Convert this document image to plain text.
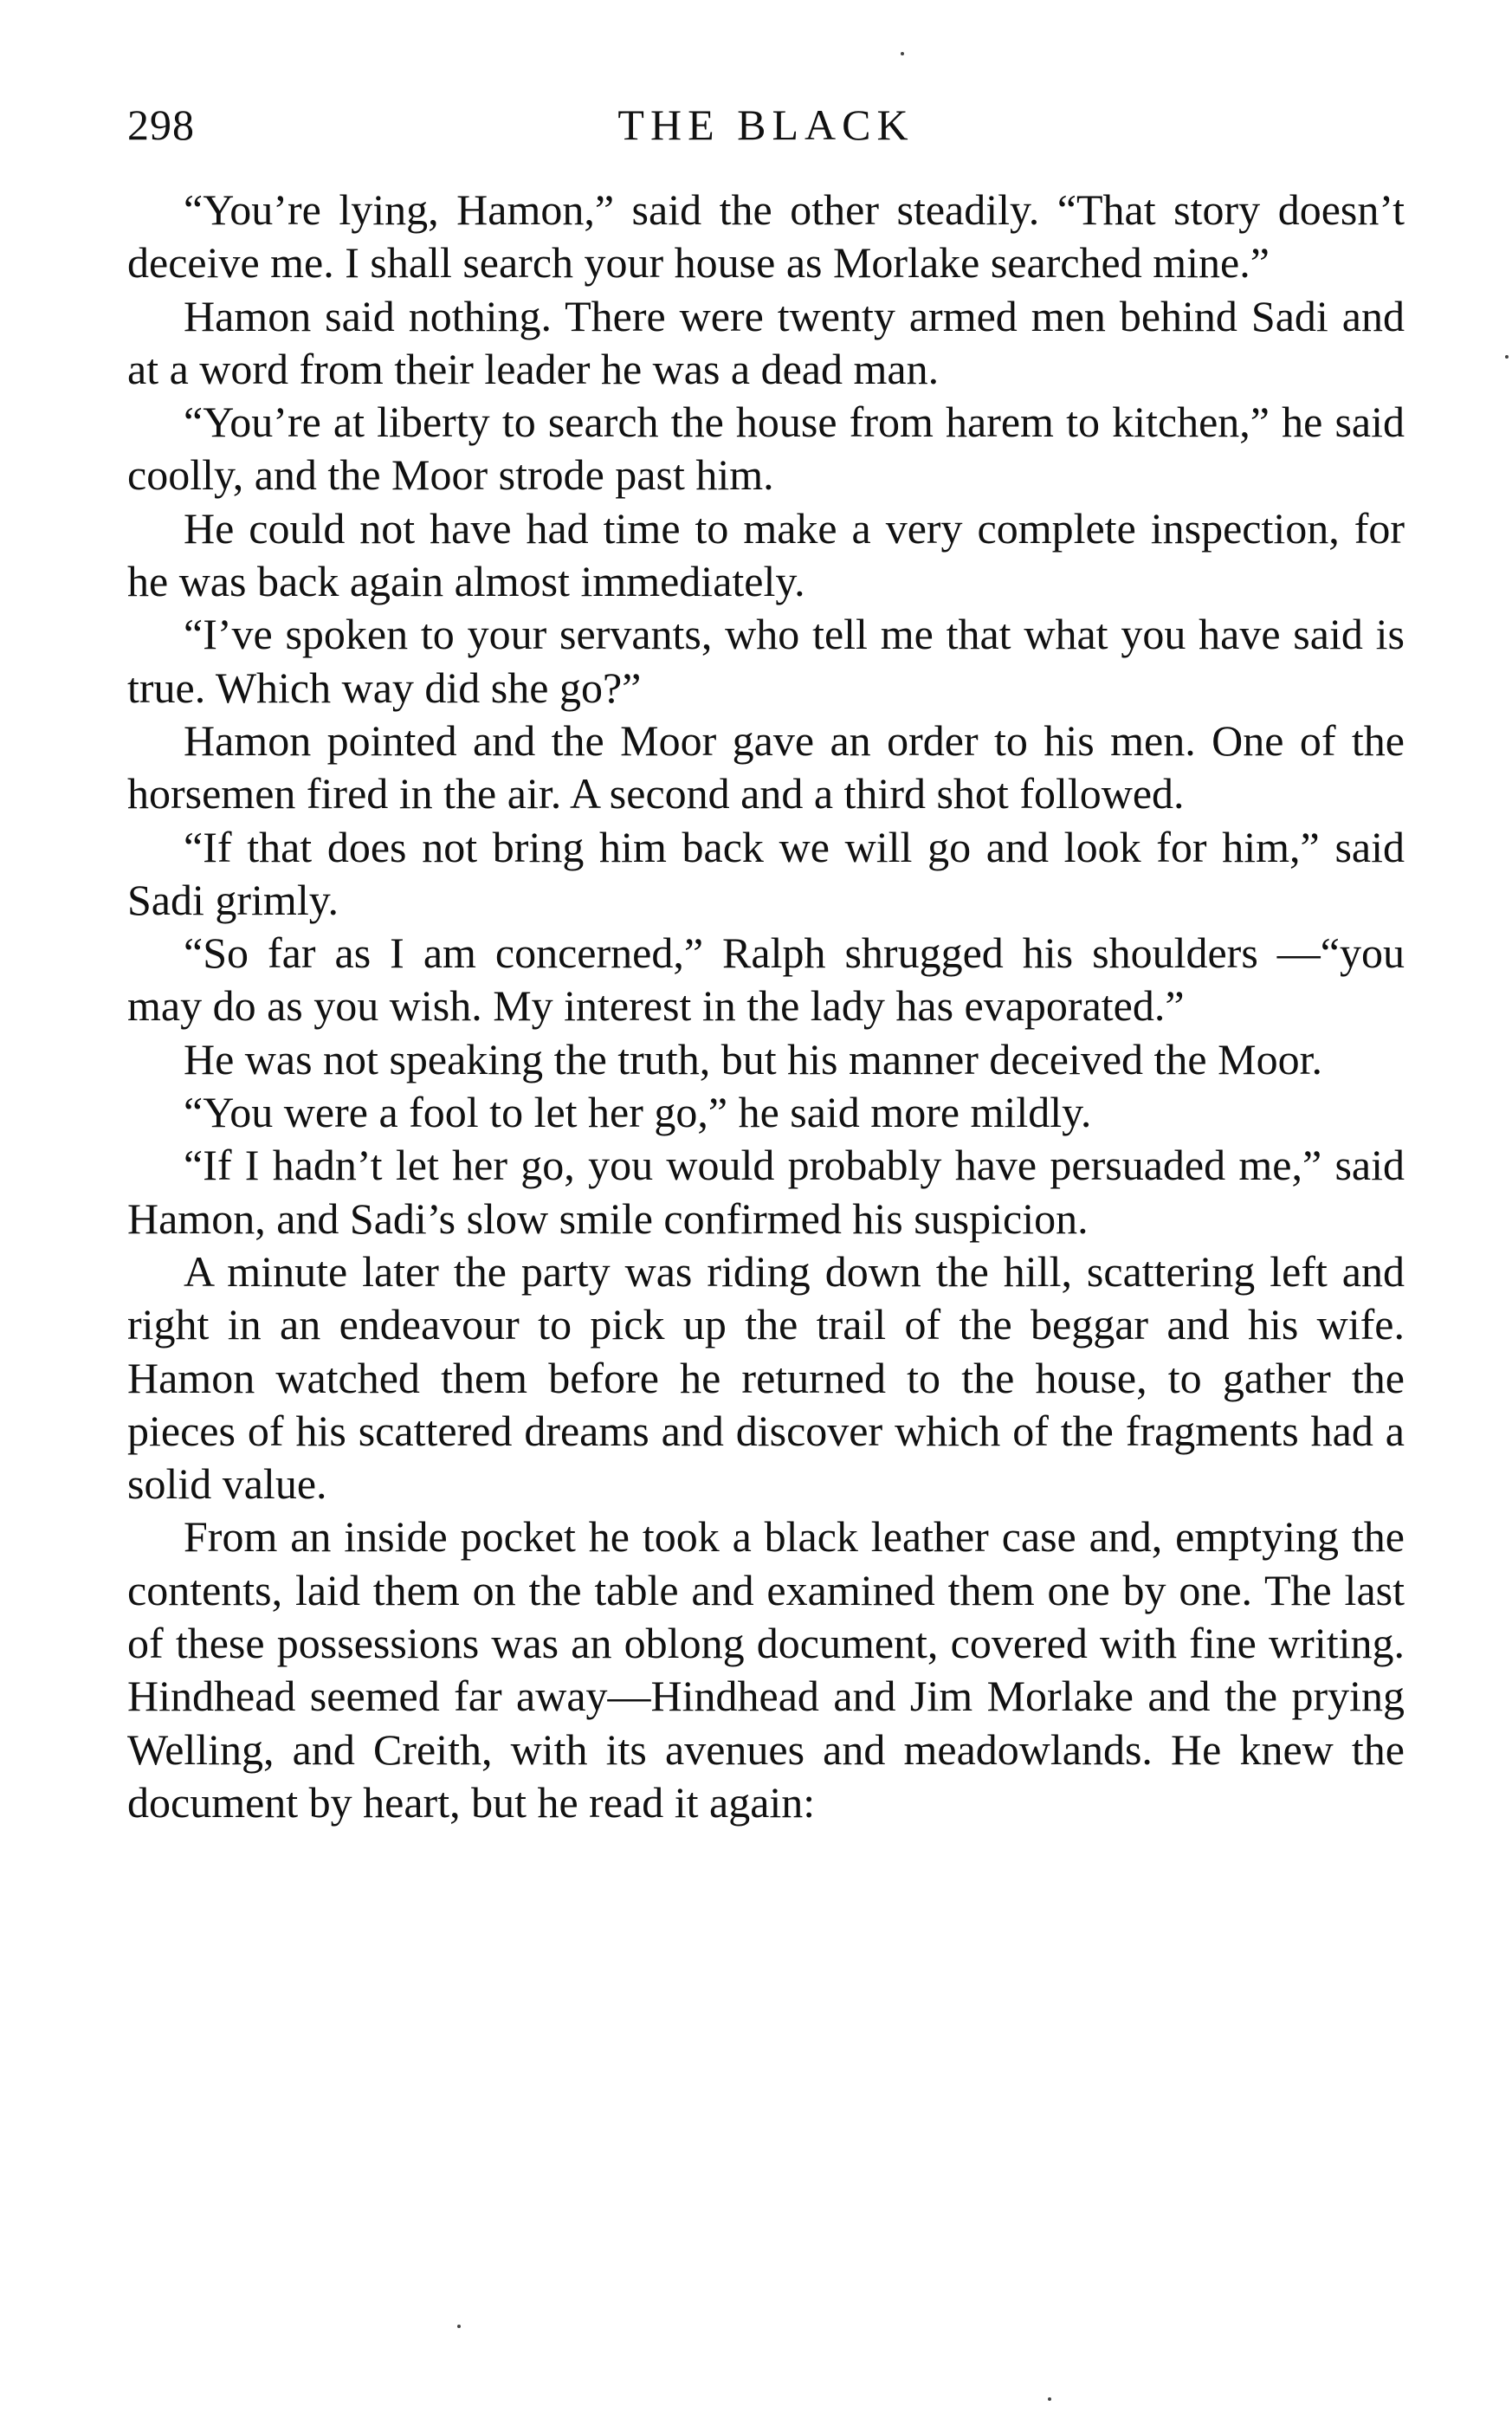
298	THE BLACK

“You’re lying, Hamon,” said the other steadily. “That story doesn’t deceive me. I shall search your house as Morlake searched mine.”

Hamon said nothing. There were twenty armed men behind Sadi and at a word from their leader he was a dead man.

“You’re at liberty to search the house from harem to kitchen,” he said coolly, and the Moor strode past him.

He could not have had time to make a very complete inspection, for he was back again almost immediately.

“I’ve spoken to your servants, who tell me that what you have said is true. Which way did she go?”

Hamon pointed and the Moor gave an order to his men. One of the horsemen fired in the air. A second and a third shot followed.

“If that does not bring him back we will go and look for him,” said Sadi grimly.

“So far as I am concerned,” Ralph shrugged his shoulders —“you may do as you wish. My interest in the lady has evaporated.”

He was not speaking the truth, but his manner deceived the Moor.

“You were a fool to let her go,” he said more mildly.

“If I hadn’t let her go, you would probably have persuaded me,” said Hamon, and Sadi’s slow smile confirmed his suspicion.

A minute later the party was riding down the hill, scattering left and right in an endeavour to pick up the trail of the beggar and his wife. Hamon watched them before he returned to the house, to gather the pieces of his scattered dreams and discover which of the fragments had a solid value.

From an inside pocket he took a black leather case and, emptying the contents, laid them on the table and examined them one by one. The last of these possessions was an oblong document, covered with fine writing. Hindhead seemed far away—Hindhead and Jim Morlake and the prying Welling, and Creith, with its avenues and meadowlands. He knew the document by heart, but he read it again:
